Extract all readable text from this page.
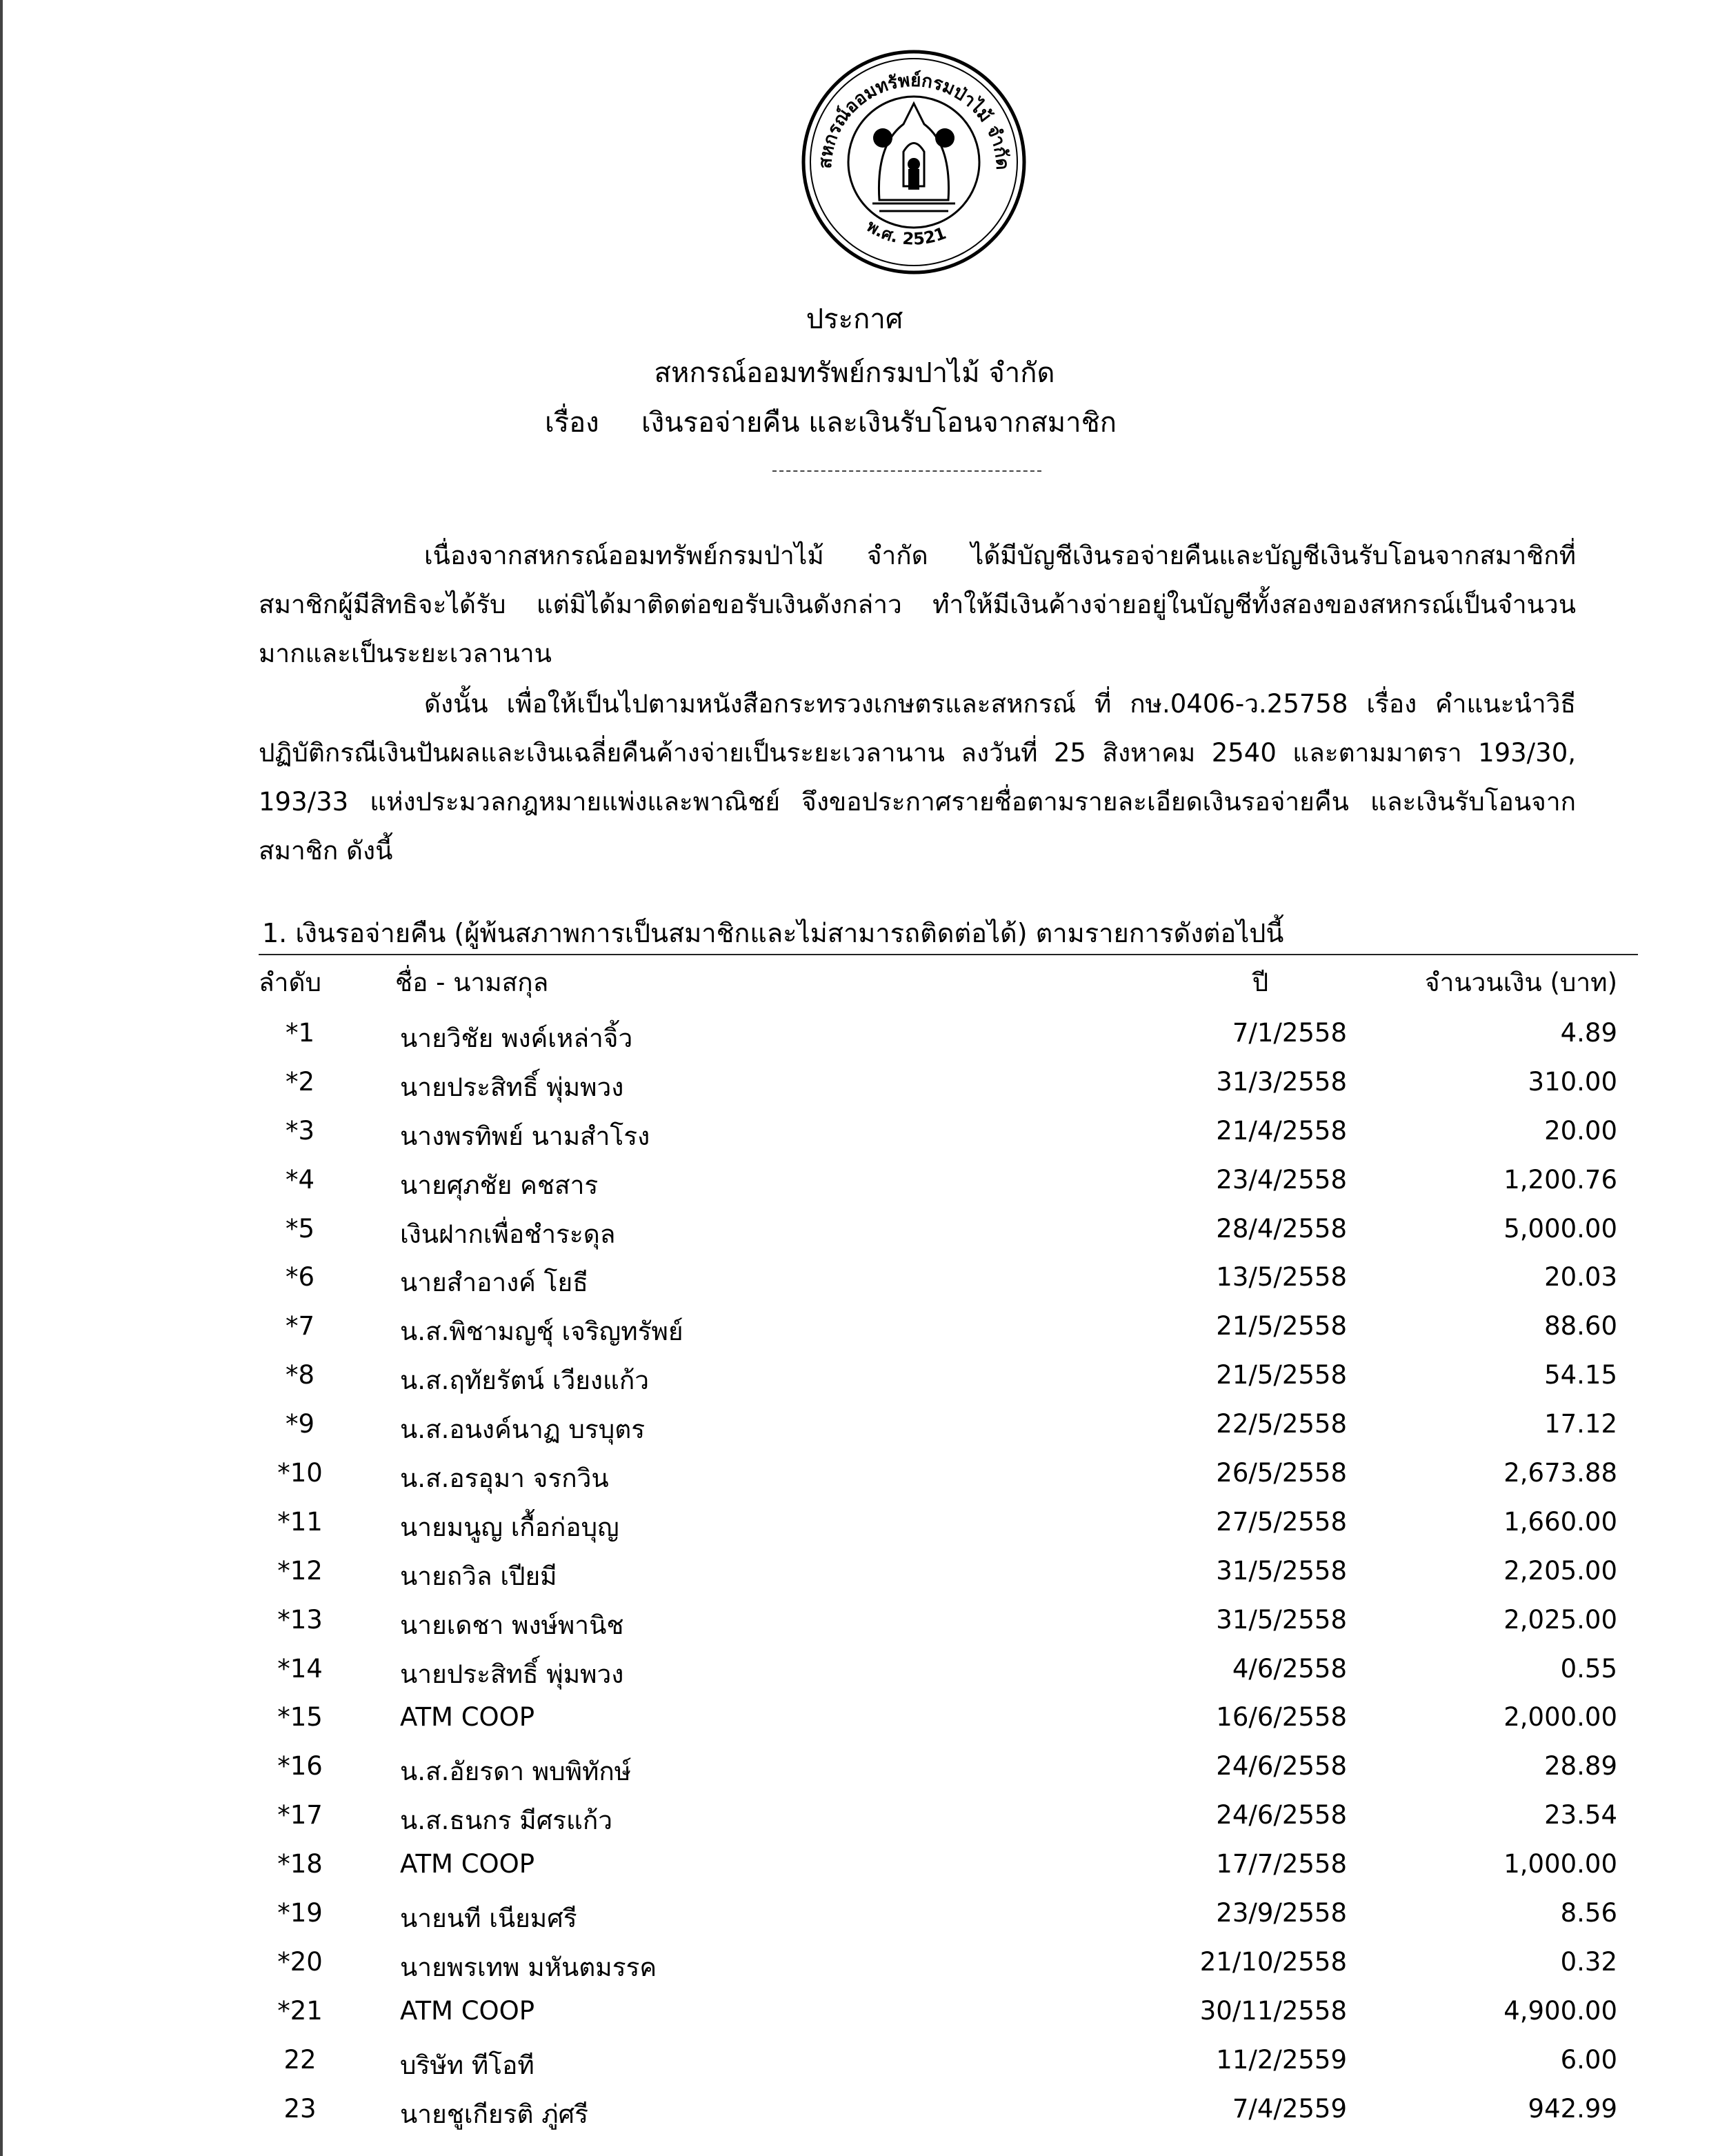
สหกรณ์ออมทรัพย์กรมป่าไม้ จำกัด
พ.ศ. 2521
ประกาศ
สหกรณ์ออมทรัพย์กรมปาไม้ จำกัด
เรื่อง เงินรอจ่ายคืน และเงินรับโอนจากสมาชิก
เนื่องจากสหกรณ์ออมทรัพย์กรมป่าไม้ จำกัด ได้มีบัญชีเงินรอจ่ายคืนและบัญชีเงินรับโอนจากสมาชิกที่สมาชิกผู้มีสิทธิจะได้รับ แต่มิได้มาติดต่อขอรับเงินดังกล่าว ทำให้มีเงินค้างจ่ายอยู่ในบัญชีทั้งสองของสหกรณ์เป็นจำนวนมากและเป็นระยะเวลานาน
ดังนั้น เพื่อให้เป็นไปตามหนังสือกระทรวงเกษตรและสหกรณ์ ที่ กษ.0406-ว.25758 เรื่อง คำแนะนำวิธีปฏิบัติกรณีเงินปันผลและเงินเฉลี่ยคืนค้างจ่ายเป็นระยะเวลานาน ลงวันที่ 25 สิงหาคม 2540 และตามมาตรา 193/30, 193/33 แห่งประมวลกฎหมายแพ่งและพาณิชย์ จึงขอประกาศรายชื่อตามรายละเอียดเงินรอจ่ายคืน และเงินรับโอนจากสมาชิก ดังนี้
1. เงินรอจ่ายคืน (ผู้พ้นสภาพการเป็นสมาชิกและไม่สามารถติดต่อได้) ตามรายการดังต่อไปนี้
ลำดับ	ชื่อ - นามสกุล	ปี	จำนวนเงิน (บาท)
*1	นายวิชัย พงค์เหล่าจิ้ว	7/1/2558	4.89
*2	นายประสิทธิ์ พุ่มพวง	31/3/2558	310.00
*3	นางพรทิพย์ นามสำโรง	21/4/2558	20.00
*4	นายศุภชัย คชสาร	23/4/2558	1,200.76
*5	เงินฝากเพื่อชำระดุล	28/4/2558	5,000.00
*6	นายสำอางค์ โยธี	13/5/2558	20.03
*7	น.ส.พิชามญชุ์ เจริญทรัพย์	21/5/2558	88.60
*8	น.ส.ฤทัยรัตน์ เวียงแก้ว	21/5/2558	54.15
*9	น.ส.อนงค์นาฏ บรบุตร	22/5/2558	17.12
*10	น.ส.อรอุมา จรกวิน	26/5/2558	2,673.88
*11	นายมนูญ เกื้อก่อบุญ	27/5/2558	1,660.00
*12	นายถวิล เปียมี	31/5/2558	2,205.00
*13	นายเดชา พงษ์พานิช	31/5/2558	2,025.00
*14	นายประสิทธิ์ พุ่มพวง	4/6/2558	0.55
*15	ATM COOP	16/6/2558	2,000.00
*16	น.ส.อัยรดา พบพิทักษ์	24/6/2558	28.89
*17	น.ส.ธนกร มีศรแก้ว	24/6/2558	23.54
*18	ATM COOP	17/7/2558	1,000.00
*19	นายนที เนียมศรี	23/9/2558	8.56
*20	นายพรเทพ มหันตมรรค	21/10/2558	0.32
*21	ATM COOP	30/11/2558	4,900.00
22	บริษัท ทีโอที	11/2/2559	6.00
23	นายชูเกียรติ ภู่ศรี	7/4/2559	942.99
